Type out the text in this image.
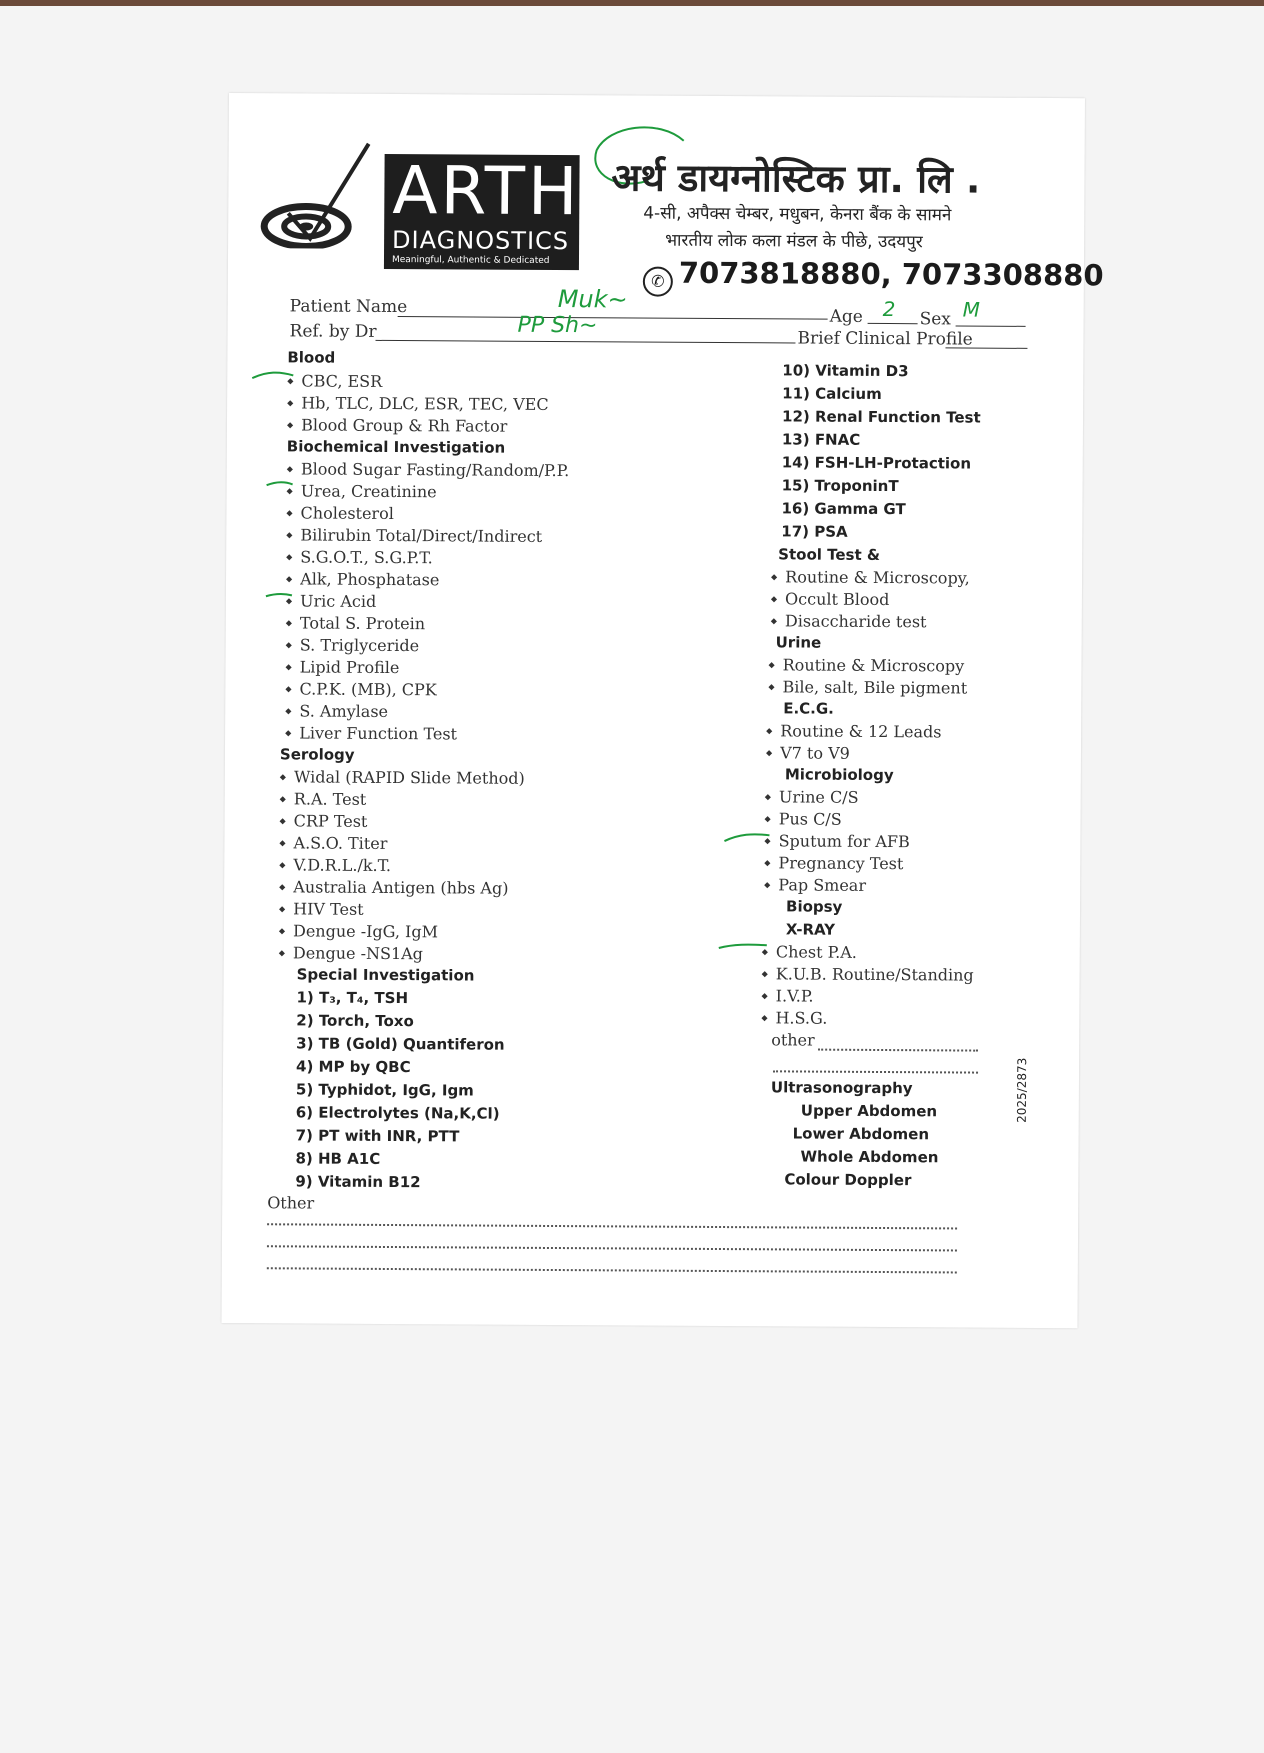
ARTH
DIAGNOSTICS
Meaningful, Authentic & Dedicated
अर्थ डायग्नोस्टिक प्रा. लि .
4-सी, अपैक्स चेम्बर, मधुबन, केनरा बैंक के सामने
भारतीय लोक कला मंडल के पीछे, उदयपुर
✆ 7073818880, 7073308880
Patient Name	Muk~
Age 2 Sex M
Ref. by Dr	PP Sh~
Brief Clinical Profile
Blood
◆ CBC, ESR
◆ Hb, TLC, DLC, ESR, TEC, VEC
◆ Blood Group & Rh Factor
Biochemical Investigation
◆ Blood Sugar Fasting/Random/P.P.
◆ Urea, Creatinine
◆ Cholesterol
◆ Bilirubin Total/Direct/Indirect
◆ S.G.O.T., S.G.P.T.
◆ Alk, Phosphatase
◆ Uric Acid
◆ Total S. Protein
◆ S. Triglyceride
◆ Lipid Profile
◆ C.P.K. (MB), CPK
◆ S. Amylase
◆ Liver Function Test
Serology
◆ Widal (RAPID Slide Method)
◆ R.A. Test
◆ CRP Test
◆ A.S.O. Titer
◆ V.D.R.L./k.T.
◆ Australia Antigen (hbs Ag)
◆ HIV Test
◆ Dengue -IgG, IgM
◆ Dengue -NS1Ag
Special Investigation
1) T₃, T₄, TSH
2) Torch, Toxo
3) TB (Gold) Quantiferon
4) MP by QBC
5) Typhidot, IgG, Igm
6) Electrolytes (Na,K,Cl)
7) PT with INR, PTT
8) HB A1C
9) Vitamin B12
Other
10) Vitamin D3
11) Calcium
12) Renal Function Test
13) FNAC
14) FSH-LH-Protaction
15) TroponinT
16) Gamma GT
17) PSA
Stool Test &
◆ Routine & Microscopy,
◆ Occult Blood
◆ Disaccharide test
Urine
◆ Routine & Microscopy
◆ Bile, salt, Bile pigment
E.C.G.
◆ Routine & 12 Leads
◆ V7 to V9
Microbiology
◆ Urine C/S
◆ Pus C/S
◆ Sputum for AFB
◆ Pregnancy Test
◆ Pap Smear
Biopsy
X-RAY
◆ Chest P.A.
◆ K.U.B. Routine/Standing
◆ I.V.P.
◆ H.S.G.
other
Ultrasonography
Upper Abdomen
Lower Abdomen
Whole Abdomen
Colour Doppler
2025/2873
